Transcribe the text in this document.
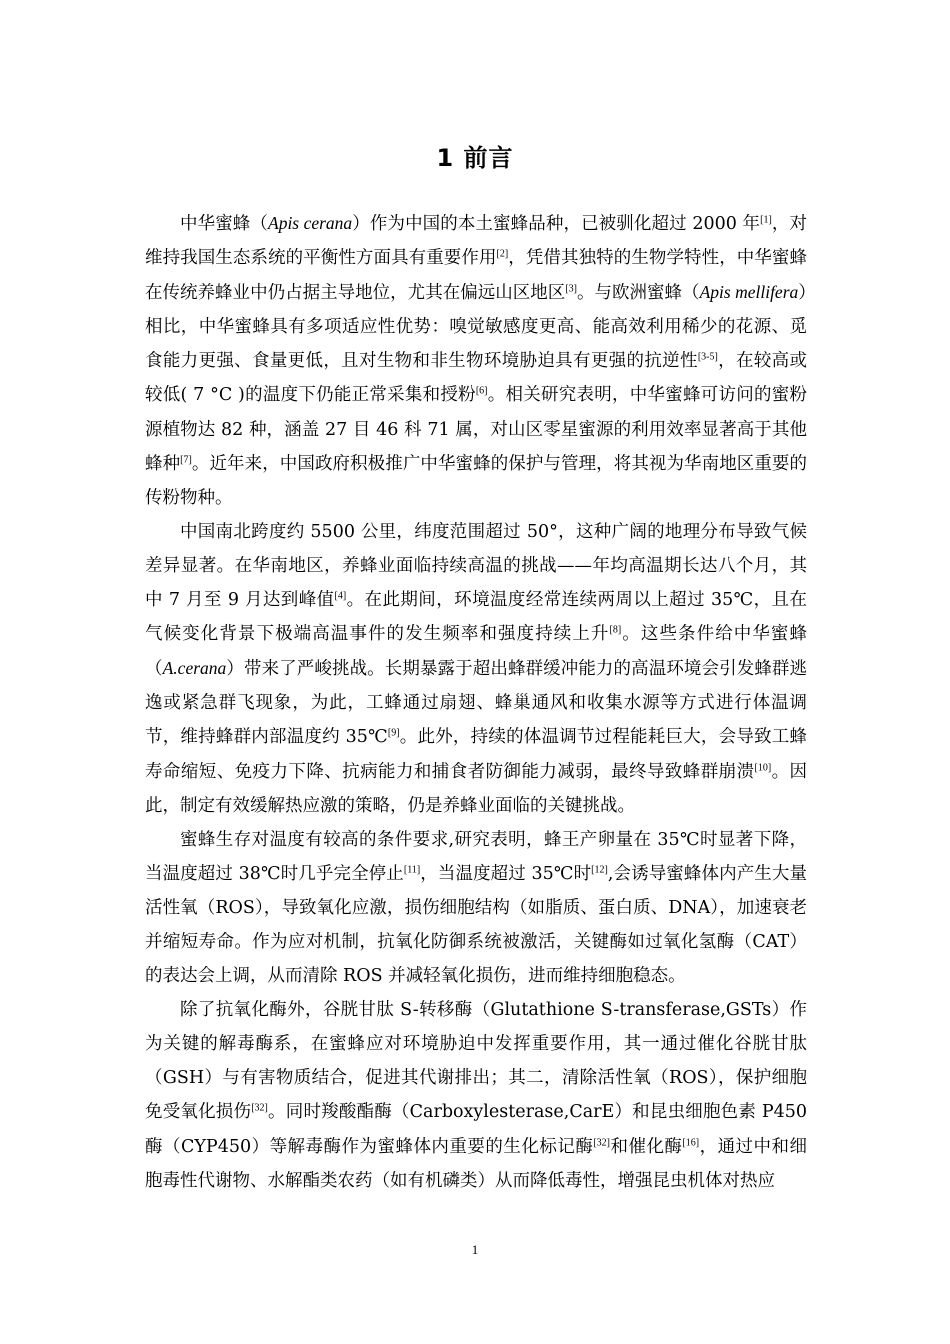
1 前言

中华蜜蜂（Apis cerana）作为中国的本土蜜蜂品种，已被驯化超过 2000 年[1]，对维持我国生态系统的平衡性方面具有重要作用[2]，凭借其独特的生物学特性，中华蜜蜂在传统养蜂业中仍占据主导地位，尤其在偏远山区地区[3]。与欧洲蜜蜂（Apis mellifera）相比，中华蜜蜂具有多项适应性优势：嗅觉敏感度更高、能高效利用稀少的花源、觅食能力更强、食量更低，且对生物和非生物环境胁迫具有更强的抗逆性[3-5]，在较高或较低( 7 °C )的温度下仍能正常采集和授粉[6]。相关研究表明，中华蜜蜂可访问的蜜粉源植物达 82 种，涵盖 27 目 46 科 71 属，对山区零星蜜源的利用效率显著高于其他蜂种[7]。近年来，中国政府积极推广中华蜜蜂的保护与管理，将其视为华南地区重要的传粉物种。

中国南北跨度约 5500 公里，纬度范围超过 50°，这种广阔的地理分布导致气候差异显著。在华南地区，养蜂业面临持续高温的挑战——年均高温期长达八个月，其中 7 月至 9 月达到峰值[4]。在此期间，环境温度经常连续两周以上超过 35℃，且在气候变化背景下极端高温事件的发生频率和强度持续上升[8]。这些条件给中华蜜蜂（A.cerana）带来了严峻挑战。长期暴露于超出蜂群缓冲能力的高温环境会引发蜂群逃逸或紧急群飞现象，为此，工蜂通过扇翅、蜂巢通风和收集水源等方式进行体温调节，维持蜂群内部温度约 35℃[9]。此外，持续的体温调节过程能耗巨大，会导致工蜂寿命缩短、免疫力下降、抗病能力和捕食者防御能力减弱，最终导致蜂群崩溃[10]。因此，制定有效缓解热应激的策略，仍是养蜂业面临的关键挑战。

蜜蜂生存对温度有较高的条件要求,研究表明，蜂王产卵量在 35℃时显著下降，当温度超过 38℃时几乎完全停止[11]，当温度超过 35℃时[12],会诱导蜜蜂体内产生大量活性氧（ROS），导致氧化应激，损伤细胞结构（如脂质、蛋白质、DNA），加速衰老并缩短寿命。作为应对机制，抗氧化防御系统被激活，关键酶如过氧化氢酶（CAT）的表达会上调，从而清除 ROS 并减轻氧化损伤，进而维持细胞稳态。

除了抗氧化酶外，谷胱甘肽 S-转移酶（Glutathione S-transferase,GSTs）作为关键的解毒酶系，在蜜蜂应对环境胁迫中发挥重要作用，其一通过催化谷胱甘肽（GSH）与有害物质结合，促进其代谢排出；其二，清除活性氧（ROS），保护细胞免受氧化损伤[32]。同时羧酸酯酶（Carboxylesterase,CarE）和昆虫细胞色素 P450 酶（CYP450）等解毒酶作为蜜蜂体内重要的生化标记酶[32]和催化酶[16]，通过中和细胞毒性代谢物、水解酯类农药（如有机磷类）从而降低毒性，增强昆虫机体对热应

1
